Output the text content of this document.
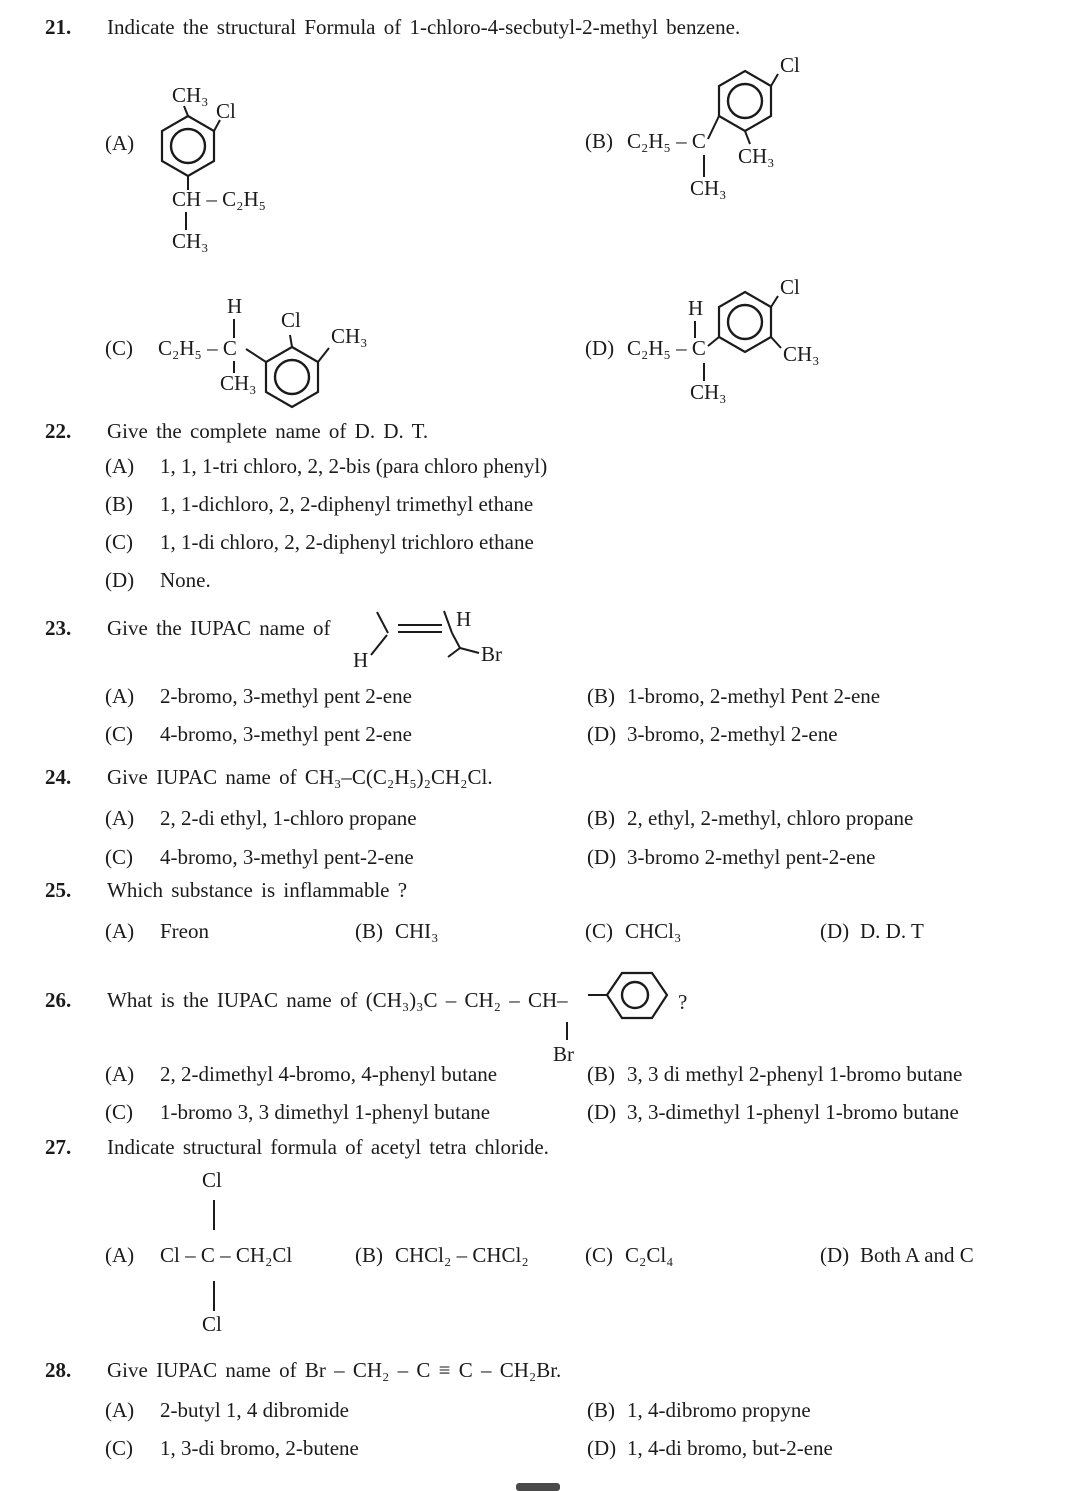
21. Indicate the structural Formula of 1-chloro-4-secbutyl-2-methyl benzene.
(A)
CH₃
Cl
CH – C₂H₅
CH₃
(B) C₂H₅ – C
Cl
CH₃
CH₃
(C) C₂H₅ – C
H
CH₃
Cl
CH₃	(D) C₂H₅ – C
H
Cl
CH₃
CH₃
22. Give the complete name of D. D. T.
(A) 1, 1, 1-tri chloro, 2, 2-bis (para chloro phenyl)
(B) 1, 1-dichloro, 2, 2-diphenyl trimethyl ethane
(C) 1, 1-di chloro, 2, 2-diphenyl trichloro ethane
(D) None.
23. Give the IUPAC name of
H
H
Br
(A) 2-bromo, 3-methyl pent 2-ene	(B) 1-bromo, 2-methyl Pent 2-ene
(C) 4-bromo, 3-methyl pent 2-ene	(D) 3-bromo, 2-methyl 2-ene
24. Give IUPAC name of CH₃–C(C₂H₅)₂CH₂Cl.
(A) 2, 2-di ethyl, 1-chloro propane	(B) 2, ethyl, 2-methyl, chloro propane
(C) 4-bromo, 3-methyl pent-2-ene	(D) 3-bromo 2-methyl pent-2-ene
25. Which substance is inflammable ?
(A) Freon	(B) CHI₃	(C) CHCl₃	(D) D. D. T
26. What is the IUPAC name of (CH₃)₃C – CH₂ – CH–	?
Br
(A) 2, 2-dimethyl 4-bromo, 4-phenyl butane	(B) 3, 3 di methyl 2-phenyl 1-bromo butane
(C) 1-bromo 3, 3 dimethyl 1-phenyl butane	(D) 3, 3-dimethyl 1-phenyl 1-bromo butane
27. Indicate structural formula of acetyl tetra chloride.
Cl
(A) Cl – C – CH₂Cl	(B) CHCl₂ – CHCl₂	(C) C₂Cl₄	(D) Both A and C
Cl
28. Give IUPAC name of Br – CH₂ – C ≡ C – CH₂Br.
(A) 2-butyl 1, 4 dibromide	(B) 1, 4-dibromo propyne
(C) 1, 3-di bromo, 2-butene	(D) 1, 4-di bromo, but-2-ene
